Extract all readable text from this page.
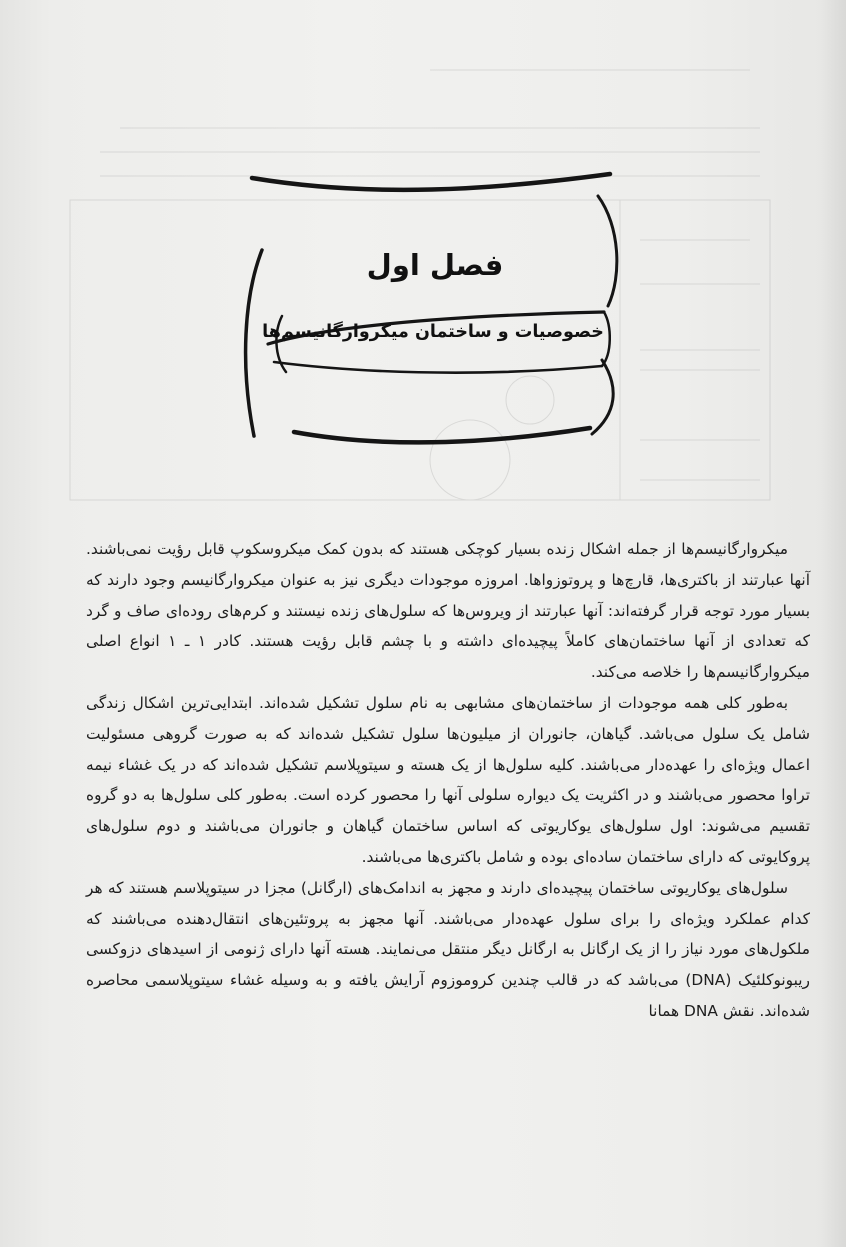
فصل اول
خصوصیات و ساختمان میکروارگانیسم‌ها

میکروارگانیسم‌ها از جمله اشکال زنده بسیار کوچکی هستند که بدون کمک میکروسکوپ قابل رؤیت نمی‌باشند. آنها عبارتند از باکتری‌ها، قارچ‌ها و پروتوزواها. امروزه موجودات دیگری نیز به عنوان میکروارگانیسم وجود دارند که بسیار مورد توجه قرار گرفته‌اند: آنها عبارتند از ویروس‌ها که سلول‌های زنده نیستند و کرم‌های روده‌ای صاف و گرد که تعدادی از آنها ساختمان‌های کاملاً پیچیده‌ای داشته و با چشم قابل رؤیت هستند. کادر ۱ ـ ۱ انواع اصلی میکروارگانیسم‌ها را خلاصه می‌کند.

به‌طور کلی همه موجودات از ساختمان‌های مشابهی به نام سلول تشکیل شده‌اند. ابتدایی‌ترین اشکال زندگی شامل یک سلول می‌باشد. گیاهان، جانوران از میلیون‌ها سلول تشکیل شده‌اند که به صورت گروهی مسئولیت اعمال ویژه‌ای را عهده‌دار می‌باشند. کلیه سلول‌ها از یک هسته و سیتوپلاسم تشکیل شده‌اند که در یک غشاء نیمه تراوا محصور می‌باشند و در اکثریت یک دیواره سلولی آنها را محصور کرده است. به‌طور کلی سلول‌ها به دو گروه تقسیم می‌شوند: اول سلول‌های یوکاریوتی که اساس ساختمان گیاهان و جانوران می‌باشند و دوم سلول‌های پروکایوتی که دارای ساختمان ساده‌ای بوده و شامل باکتری‌ها می‌باشند.

سلول‌های یوکاریوتی ساختمان پیچیده‌ای دارند و مجهز به اندامک‌های (ارگانل) مجزا در سیتوپلاسم هستند که هر کدام عملکرد ویژه‌ای را برای سلول عهده‌دار می‌باشند. آنها مجهز به پروتئین‌های انتقال‌دهنده می‌باشند که ملکول‌های مورد نیاز را از یک ارگانل به ارگانل دیگر منتقل می‌نمایند. هسته آنها دارای ژنومی از اسیدهای دزوکسی ریبونوکلئیک (DNA) می‌باشد که در قالب چندین کروموزوم آرایش یافته و به وسیله غشاء سیتوپلاسمی محاصره شده‌اند. نقش DNA همانا
